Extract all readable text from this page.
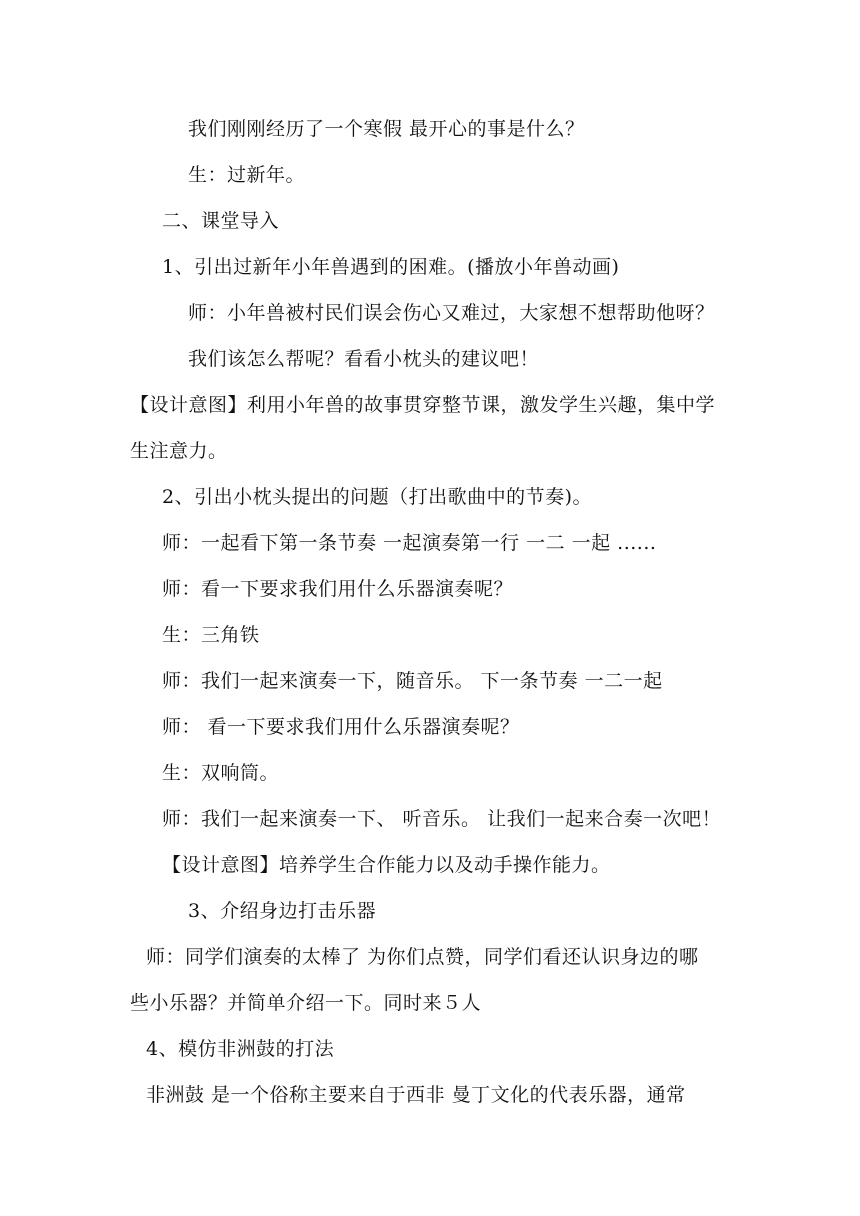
我们刚刚经历了一个寒假 最开心的事是什么？
生：过新年。
二、课堂导入
1、引出过新年小年兽遇到的困难。(播放小年兽动画)
师：小年兽被村民们误会伤心又难过，大家想不想帮助他呀？
我们该怎么帮呢？看看小枕头的建议吧！
【设计意图】利用小年兽的故事贯穿整节课，激发学生兴趣，集中学
生注意力。
2、引出小枕头提出的问题（打出歌曲中的节奏)。
师：一起看下第一条节奏 一起演奏第一行 一二 一起 ......
师：看一下要求我们用什么乐器演奏呢？
生：三角铁
师：我们一起来演奏一下，随音乐。 下一条节奏 一二一起
师： 看一下要求我们用什么乐器演奏呢？
生：双响筒。
师：我们一起来演奏一下、 听音乐。 让我们一起来合奏一次吧！
【设计意图】培养学生合作能力以及动手操作能力。
3、介绍身边打击乐器
师：同学们演奏的太棒了 为你们点赞，同学们看还认识身边的哪
些小乐器？并简单介绍一下。同时来５人
4、模仿非洲鼓的打法
非洲鼓 是一个俗称主要来自于西非 曼丁文化的代表乐器，通常
